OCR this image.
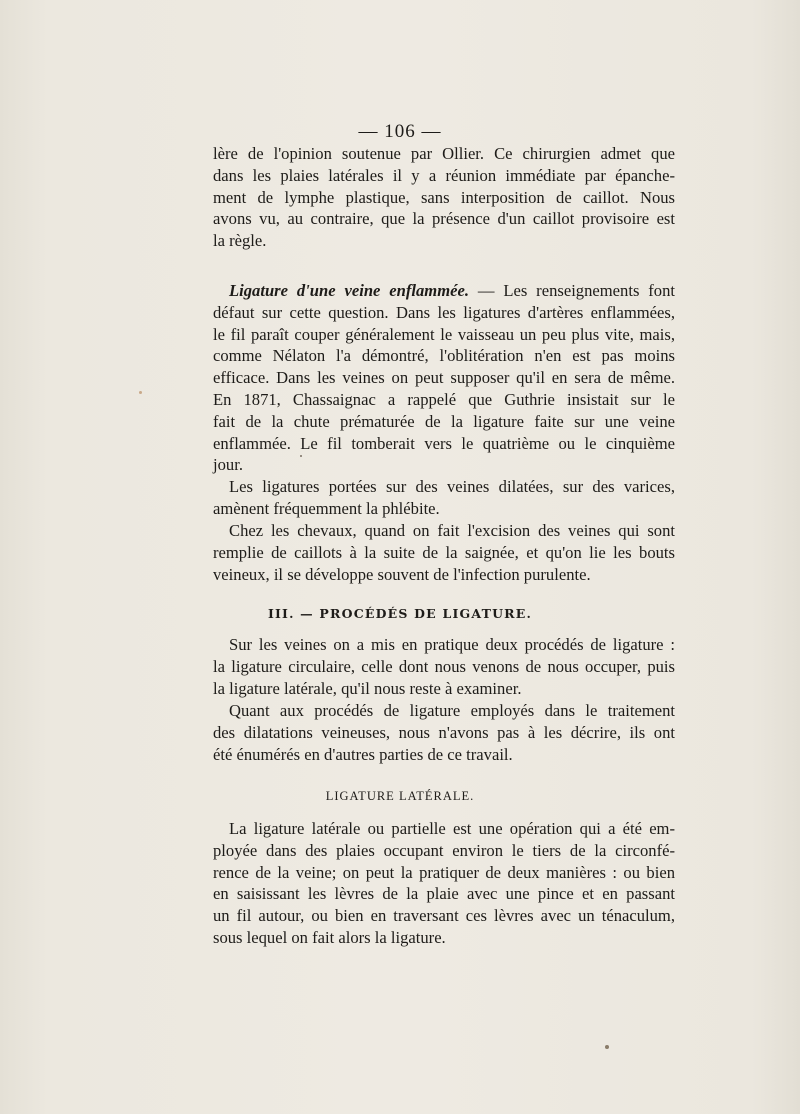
— 106 —

lère de l'opinion soutenue par Ollier. Ce chirurgien admet que
dans les plaies latérales il y a réunion immédiate par épanche-
ment de lymphe plastique, sans interposition de caillot. Nous
avons vu, au contraire, que la présence d'un caillot provisoire est
la règle.

Ligature d'une veine enflammée. — Les renseignements font
défaut sur cette question. Dans les ligatures d'artères enflammées,
le fil paraît couper généralement le vaisseau un peu plus vite, mais,
comme Nélaton l'a démontré, l'oblitération n'en est pas moins
efficace. Dans les veines on peut supposer qu'il en sera de même.
En 1871, Chassaignac a rappelé que Guthrie insistait sur le
fait de la chute prématurée de la ligature faite sur une veine
enflammée. Le fil tomberait vers le quatrième ou le cinquième
jour.

Les ligatures portées sur des veines dilatées, sur des varices,
amènent fréquemment la phlébite.

Chez les chevaux, quand on fait l'excision des veines qui sont
remplie de caillots à la suite de la saignée, et qu'on lie les bouts
veineux, il se développe souvent de l'infection purulente.

III. — PROCÉDÉS DE LIGATURE.

Sur les veines on a mis en pratique deux procédés de ligature :
la ligature circulaire, celle dont nous venons de nous occuper, puis
la ligature latérale, qu'il nous reste à examiner.

Quant aux procédés de ligature employés dans le traitement
des dilatations veineuses, nous n'avons pas à les décrire, ils ont
été énumérés en d'autres parties de ce travail.

LIGATURE LATÉRALE.

La ligature latérale ou partielle est une opération qui a été em-
ployée dans des plaies occupant environ le tiers de la circonfé-
rence de la veine; on peut la pratiquer de deux manières : ou bien
en saisissant les lèvres de la plaie avec une pince et en passant
un fil autour, ou bien en traversant ces lèvres avec un ténaculum,
sous lequel on fait alors la ligature.
